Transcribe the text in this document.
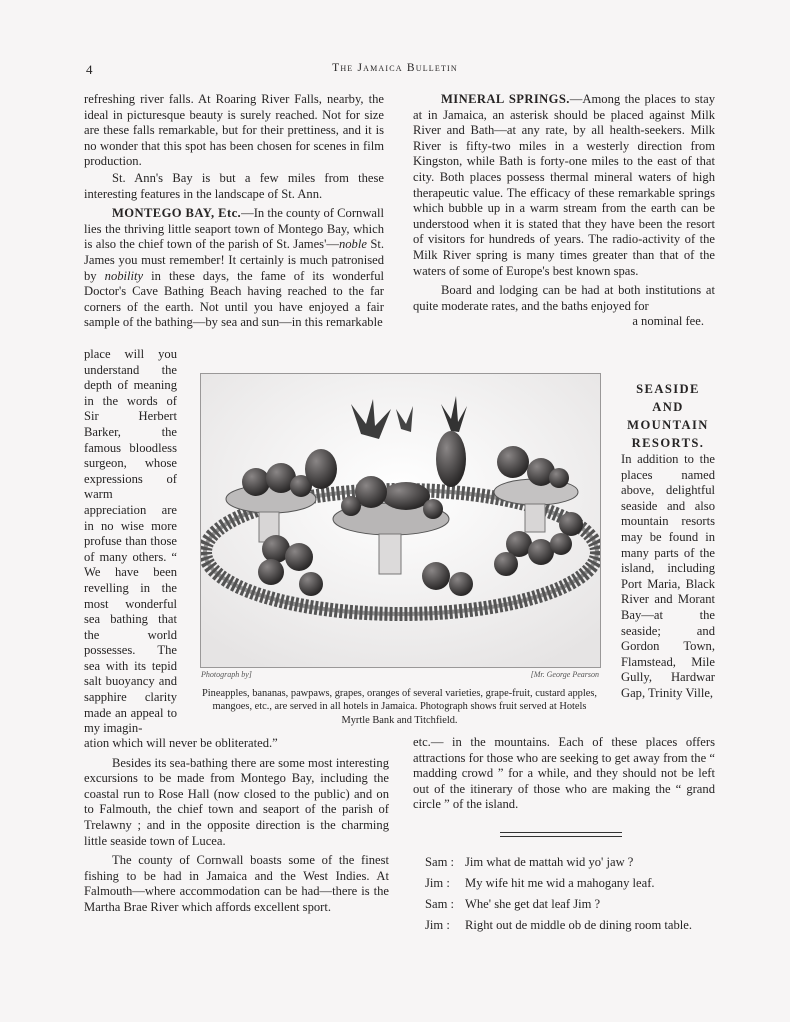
4	The Jamaica Bulletin

refreshing river falls. At Roaring River Falls, nearby, the ideal in picturesque beauty is surely reached. Not for size are these falls remarkable, but for their prettiness, and it is no wonder that this spot has been chosen for scenes in film production.

St. Ann's Bay is but a few miles from these interesting features in the landscape of St. Ann.

MONTEGO BAY, Etc.—In the county of Cornwall lies the thriving little seaport town of Montego Bay, which is also the chief town of the parish of St. James'—noble St. James you must remember! It certainly is much patronised by nobility in these days, the fame of its wonderful Doctor's Cave Bathing Beach having reached to the far corners of the earth. Not until you have enjoyed a fair sample of the bathing—by sea and sun—in this remarkable

place will you understand the depth of meaning in the words of Sir Herbert Barker, the famous bloodless surgeon, whose expressions of warm appreciation are in no wise more profuse than those of many others. “ We have been revelling in the most wonderful sea bathing that the world possesses. The sea with its tepid salt buoyancy and sapphire clarity made an appeal to my imagin-

ation which will never be obliterated.”

Besides its sea-bathing there are some most interesting excursions to be made from Montego Bay, including the coastal run to Rose Hall (now closed to the public) and on to Falmouth, the chief town and seaport of the parish of Trelawny ; and in the opposite direction is the charming little seaside town of Lucea.

The county of Cornwall boasts some of the finest fishing to be had in Jamaica and the West Indies. At Falmouth—where accommodation can be had—there is the Martha Brae River which affords excellent sport.

MINERAL SPRINGS.—Among the places to stay at in Jamaica, an asterisk should be placed against Milk River and Bath—at any rate, by all health-seekers. Milk River is fifty-two miles in a westerly direction from Kingston, while Bath is forty-one miles to the east of that city. Both places possess thermal mineral waters of high therapeutic value. The efficacy of these remarkable springs which bubble up in a warm stream from the earth can be understood when it is stated that they have been the resort of visitors for hundreds of years. The radio-activity of the Milk River spring is many times greater than that of the waters of some of Europe's best known spas.

Board and lodging can be had at both institutions at quite moderate rates, and the baths enjoyed for

a nominal fee.
SEASIDE
AND
MOUNTAIN
RESORTS.

In addition to the places named above, delightful seaside and also mountain resorts may be found in many parts of the island, including Port Maria, Black River and Morant Bay—at the seaside; and Gordon Town, Flamstead, Mile Gully, Hardwar Gap, Trinity Ville,

Photograph by]	[Mr. George Pearson
Pineapples, bananas, pawpaws, grapes, oranges of several varieties, grape-fruit, custard apples, mangoes, etc., are served in all hotels in Jamaica. Photograph shows fruit served at Hotels Myrtle Bank and Titchfield.

etc.— in the mountains. Each of these places offers attractions for those who are seeking to get away from the “ madding crowd ” for a while, and they should not be left out of the itinerary of those who are making the “ grand circle ” of the island.

Sam : Jim what de mattah wid yo' jaw ?
Jim : My wife hit me wid a mahogany leaf.
Sam : Whe' she get dat leaf Jim ?
Jim : Right out de middle ob de dining room table.
